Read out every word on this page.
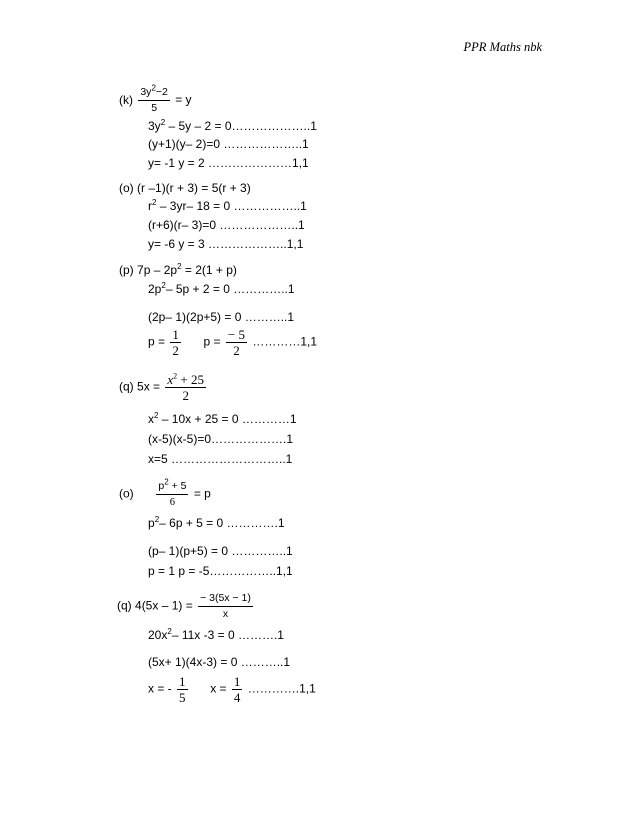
PPR Maths nbk
$(k) \frac{3y^2-2}{5} = y$
$3y^2 - 5y - 2$ = 0………………..1
(y+1)(y– 2)=0 ………………..1
y= -1 y = 2 …………………1,1
(o) (r –1)(r + 3) = 5(r + 3)
$r^2 - 3yr-$ 18 = 0 ……………..1
(r+6)(r– 3)=0 ………………..1
y= -6 y = 3 ………………..1,1
(p) $7p - 2p^2 = 2(1 + p)$
$2p^2-$ 5p + 2 = 0 …………..1
(2p– 1)(2p+5) = 0 ………..1
$p = \frac{1}{2}$ $p = \frac{- 5}{2}$ …………1,1
(q) $5x = \frac{x^2 + 25}{2}$
$x^2 - 10x + 25 = 0$ …………1
(x-5)(x-5)=0……………….1
x=5 ………………………..1
$(o) \frac{p^2 + 5}{6} = p$
$p^2-$ 6p + 5 = 0 ………….1
(p– 1)(p+5) = 0 …………..1
p = 1 p = -5……………..1,1
(q) $4(5x - 1) = \frac{- 3(5x - 1)}{x}$
$20x^2-$ 11x -3 = 0 ……….1
(5x+ 1)(4x-3) = 0 ………..1
x = - $\frac{1}{5}$ $x = \frac{1}{4}$ ………….1,1
